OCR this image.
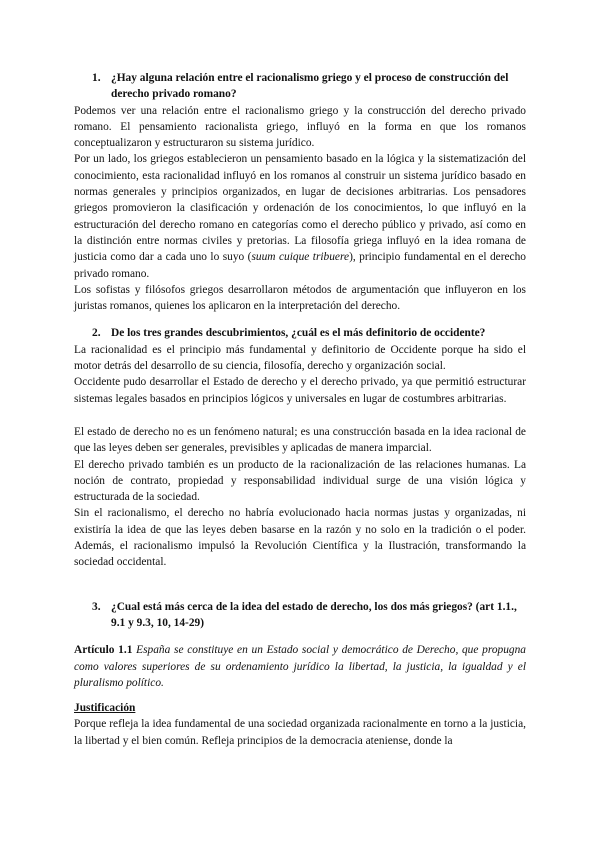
1. ¿Hay alguna relación entre el racionalismo griego y el proceso de construcción del derecho privado romano?

Podemos ver una relación entre el racionalismo griego y la construcción del derecho privado romano. El pensamiento racionalista griego, influyó en la forma en que los romanos conceptualizaron y estructuraron su sistema jurídico.

Por un lado, los griegos establecieron un pensamiento basado en la lógica y la sistematización del conocimiento, esta racionalidad influyó en los romanos al construir un sistema jurídico basado en normas generales y principios organizados, en lugar de decisiones arbitrarias. Los pensadores griegos promovieron la clasificación y ordenación de los conocimientos, lo que influyó en la estructuración del derecho romano en categorías como el derecho público y privado, así como en la distinción entre normas civiles y pretorias. La filosofía griega influyó en la idea romana de justicia como dar a cada uno lo suyo (suum cuique tribuere), principio fundamental en el derecho privado romano.

Los sofistas y filósofos griegos desarrollaron métodos de argumentación que influyeron en los juristas romanos, quienes los aplicaron en la interpretación del derecho.

2. De los tres grandes descubrimientos, ¿cuál es el más definitorio de occidente?

La racionalidad es el principio más fundamental y definitorio de Occidente porque ha sido el motor detrás del desarrollo de su ciencia, filosofía, derecho y organización social.

Occidente pudo desarrollar el Estado de derecho y el derecho privado, ya que permitió estructurar sistemas legales basados en principios lógicos y universales en lugar de costumbres arbitrarias.

El estado de derecho no es un fenómeno natural; es una construcción basada en la idea racional de que las leyes deben ser generales, previsibles y aplicadas de manera imparcial.

El derecho privado también es un producto de la racionalización de las relaciones humanas. La noción de contrato, propiedad y responsabilidad individual surge de una visión lógica y estructurada de la sociedad.

Sin el racionalismo, el derecho no habría evolucionado hacia normas justas y organizadas, ni existiría la idea de que las leyes deben basarse en la razón y no solo en la tradición o el poder. Además, el racionalismo impulsó la Revolución Científica y la Ilustración, transformando la sociedad occidental.

3. ¿Cual está más cerca de la idea del estado de derecho, los dos más griegos? (art 1.1., 9.1 y 9.3, 10, 14-29)

Artículo 1.1 España se constituye en un Estado social y democrático de Derecho, que propugna como valores superiores de su ordenamiento jurídico la libertad, la justicia, la igualdad y el pluralismo político.

Justificación

Porque refleja la idea fundamental de una sociedad organizada racionalmente en torno a la justicia, la libertad y el bien común. Refleja principios de la democracia ateniense, donde la
